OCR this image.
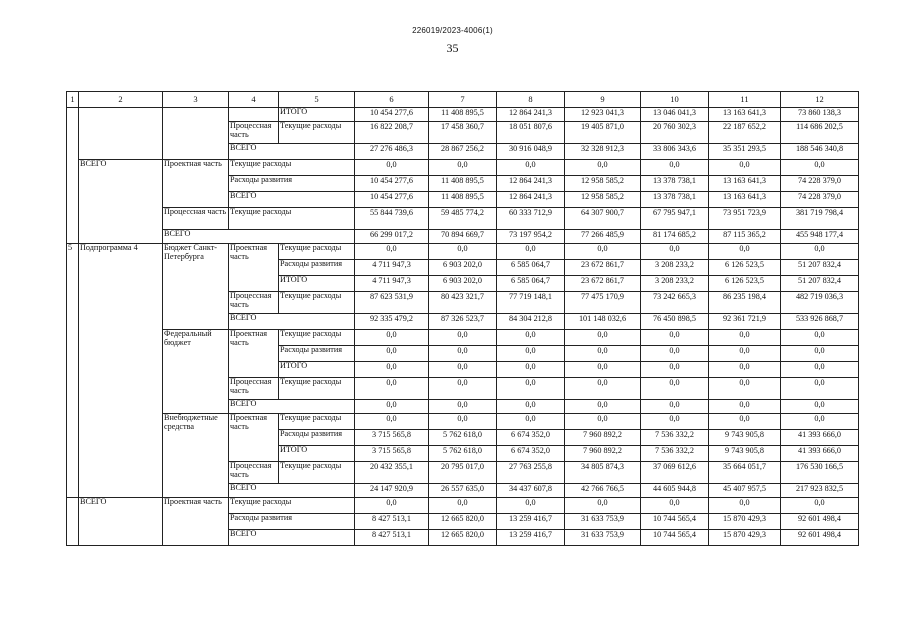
226019/2023-4006(1)
35
1	2	3	4	5	6	7	8	9	10	11	12
				ИТОГО	10 454 277,6	11 408 895,5	12 864 241,3	12 923 041,3	13 046 041,3	13 163 641,3	73 860 138,3
			Процессная часть	Текущие расходы	16 822 208,7	17 458 360,7	18 051 807,6	19 405 871,0	20 760 302,3	22 187 652,2	114 686 202,5
			ВСЕГО		27 276 486,3	28 867 256,2	30 916 048,9	32 328 912,3	33 806 343,6	35 351 293,5	188 546 340,8
	ВСЕГО	Проектная часть	Текущие расходы		0,0	0,0	0,0	0,0	0,0	0,0	0,0
			Расходы развития		10 454 277,6	11 408 895,5	12 864 241,3	12 958 585,2	13 378 738,1	13 163 641,3	74 228 379,0
			ВСЕГО		10 454 277,6	11 408 895,5	12 864 241,3	12 958 585,2	13 378 738,1	13 163 641,3	74 228 379,0
		Процессная часть	Текущие расходы		55 844 739,6	59 485 774,2	60 333 712,9	64 307 900,7	67 795 947,1	73 951 723,9	381 719 798,4
		ВСЕГО			66 299 017,2	70 894 669,7	73 197 954,2	77 266 485,9	81 174 685,2	87 115 365,2	455 948 177,4
5	Подпрограмма 4	Бюджет Санкт-Петербурга	Проектная часть	Текущие расходы	0,0	0,0	0,0	0,0	0,0	0,0	0,0
				Расходы развития	4 711 947,3	6 903 202,0	6 585 064,7	23 672 861,7	3 208 233,2	6 126 523,5	51 207 832,4
				ИТОГО	4 711 947,3	6 903 202,0	6 585 064,7	23 672 861,7	3 208 233,2	6 126 523,5	51 207 832,4
			Процессная часть	Текущие расходы	87 623 531,9	80 423 321,7	77 719 148,1	77 475 170,9	73 242 665,3	86 235 198,4	482 719 036,3
			ВСЕГО		92 335 479,2	87 326 523,7	84 304 212,8	101 148 032,6	76 450 898,5	92 361 721,9	533 926 868,7
		Федеральный бюджет	Проектная часть	Текущие расходы	0,0	0,0	0,0	0,0	0,0	0,0	0,0
				Расходы развития	0,0	0,0	0,0	0,0	0,0	0,0	0,0
				ИТОГО	0,0	0,0	0,0	0,0	0,0	0,0	0,0
			Процессная часть	Текущие расходы	0,0	0,0	0,0	0,0	0,0	0,0	0,0
			ВСЕГО		0,0	0,0	0,0	0,0	0,0	0,0	0,0
		Внебюджетные средства	Проектная часть	Текущие расходы	0,0	0,0	0,0	0,0	0,0	0,0	0,0
				Расходы развития	3 715 565,8	5 762 618,0	6 674 352,0	7 960 892,2	7 536 332,2	9 743 905,8	41 393 666,0
				ИТОГО	3 715 565,8	5 762 618,0	6 674 352,0	7 960 892,2	7 536 332,2	9 743 905,8	41 393 666,0
			Процессная часть	Текущие расходы	20 432 355,1	20 795 017,0	27 763 255,8	34 805 874,3	37 069 612,6	35 664 051,7	176 530 166,5
			ВСЕГО		24 147 920,9	26 557 635,0	34 437 607,8	42 766 766,5	44 605 944,8	45 407 957,5	217 923 832,5
	ВСЕГО	Проектная часть	Текущие расходы		0,0	0,0	0,0	0,0	0,0	0,0	0,0
			Расходы развития		8 427 513,1	12 665 820,0	13 259 416,7	31 633 753,9	10 744 565,4	15 870 429,3	92 601 498,4
			ВСЕГО		8 427 513,1	12 665 820,0	13 259 416,7	31 633 753,9	10 744 565,4	15 870 429,3	92 601 498,4
